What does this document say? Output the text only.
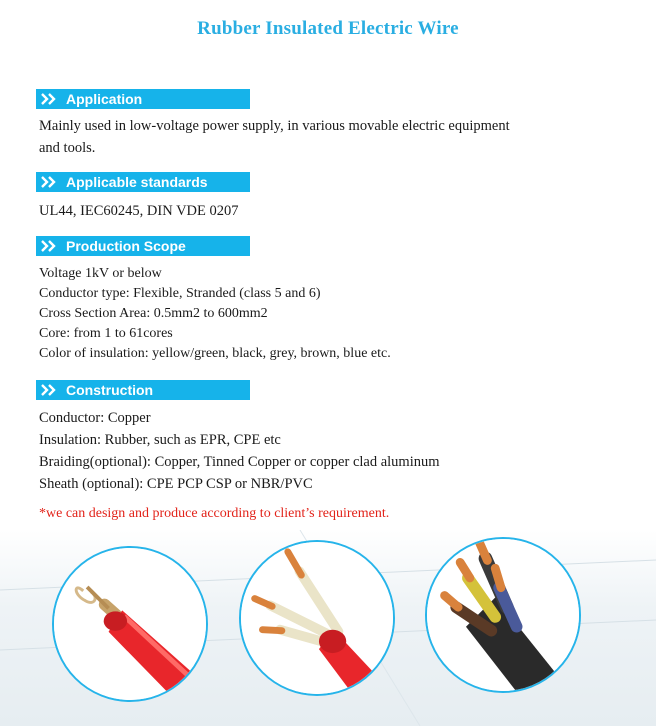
Rubber Insulated Electric Wire
Application
Mainly used in low-voltage power supply, in various movable electric equipment
and tools.
Applicable standards
UL44, IEC60245, DIN VDE 0207
Production Scope
Voltage 1kV or below
Conductor type: Flexible, Stranded (class 5 and 6)
Cross Section Area: 0.5mm2 to 600mm2
Core: from 1 to 61cores
Color of insulation: yellow/green, black, grey, brown, blue etc.
Construction
Conductor: Copper
Insulation: Rubber, such as EPR, CPE etc
Braiding(optional): Copper, Tinned Copper or copper clad aluminum
Sheath (optional): CPE PCP CSP or NBR/PVC
*we can design and produce according to client’s requirement.
